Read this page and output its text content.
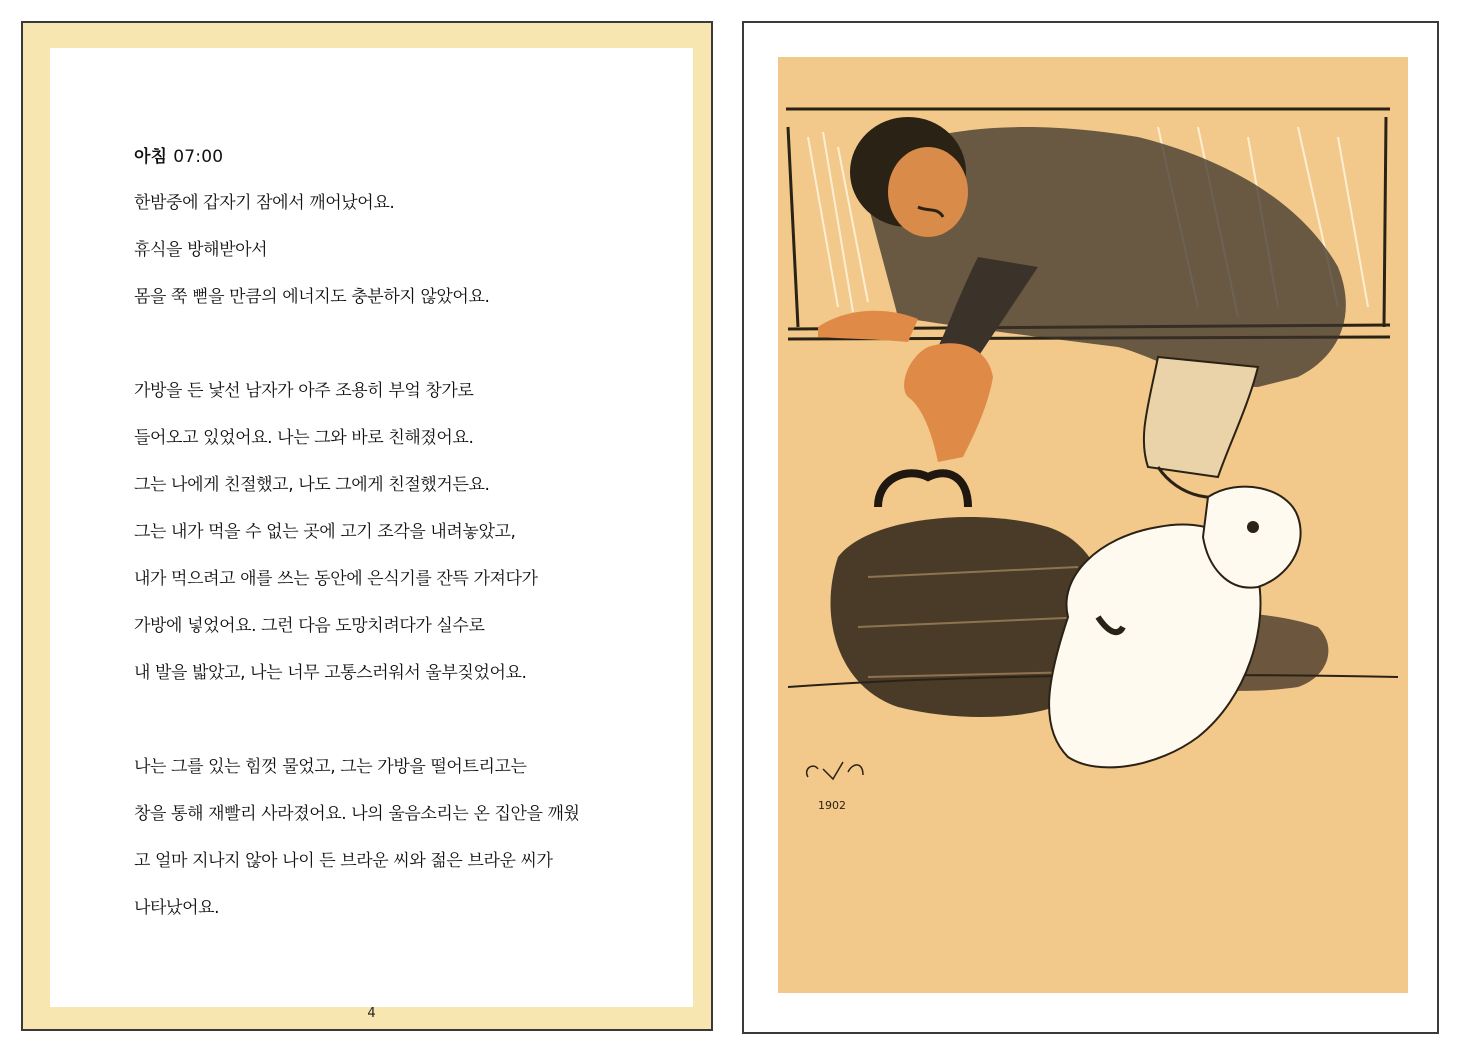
아침 07:00
한밤중에 갑자기 잠에서 깨어났어요.
휴식을 방해받아서
몸을 쭉 뻗을 만큼의 에너지도 충분하지 않았어요.
가방을 든 낯선 남자가 아주 조용히 부엌 창가로
들어오고 있었어요. 나는 그와 바로 친해졌어요.
그는 나에게 친절했고, 나도 그에게 친절했거든요.
그는 내가 먹을 수 없는 곳에 고기 조각을 내려놓았고,
내가 먹으려고 애를 쓰는 동안에 은식기를 잔뜩 가져다가
가방에 넣었어요. 그런 다음 도망치려다가 실수로
내 발을 밟았고, 나는 너무 고통스러워서 울부짖었어요.
나는 그를 있는 힘껏 물었고, 그는 가방을 떨어트리고는
창을 통해 재빨리 사라졌어요. 나의 울음소리는 온 집안을 깨웠
고 얼마 지나지 않아 나이 든 브라운 씨와 젊은 브라운 씨가
나타났어요.
4
1902
